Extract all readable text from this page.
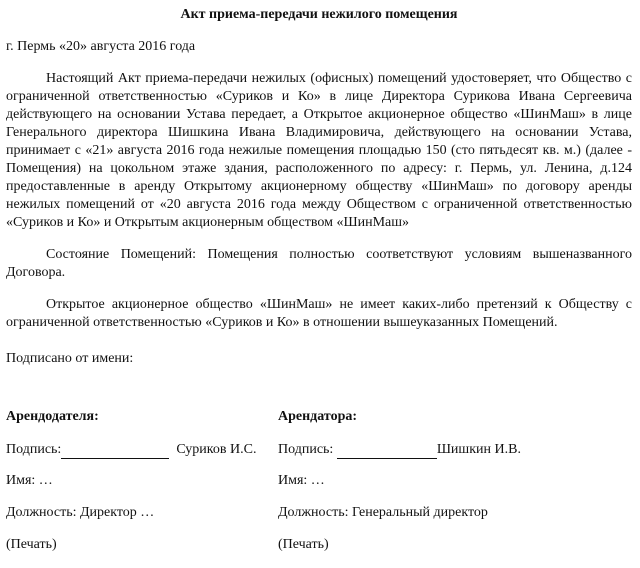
Акт приема-передачи нежилого помещения
г. Пермь «20» августа 2016 года

Настоящий Акт приема-передачи нежилых (офисных) помещений удостоверяет, что Общество с ограниченной ответственностью «Суриков и Ко» в лице Директора Сурикова Ивана Сергеевича действующего на основании Устава передает, а Открытое акционерное общество «ШинМаш» в лице Генерального директора Шишкина Ивана Владимировича, действующего на основании Устава, принимает с «21» августа 2016 года нежилые помещения площадью 150 (сто пятьдесят кв. м.) (далее - Помещения) на цокольном этаже здания, расположенного по адресу: г. Пермь, ул. Ленина, д.124 предоставленные в аренду Открытому акционерному обществу «ШинМаш» по договору аренды нежилых помещений от «20 августа 2016 года между Обществом с ограниченной ответственностью «Суриков и Ко» и Открытым акционерным обществом «ШинМаш»

Состояние Помещений: Помещения полностью соответствуют условиям вышеназванного Договора.

Открытое акционерное общество «ШинМаш» не имеет каких-либо претензий к Обществу с ограниченной ответственностью «Суриков и Ко» в отношении вышеуказанных Помещений.

Подписано от имени:
Арендодателя:
Подпись:	Суриков И.С.
Имя: …
Должность: Директор …
(Печать)
Арендатора:
Подпись:	Шишкин И.В.
Имя: …
Должность: Генеральный директор
(Печать)
